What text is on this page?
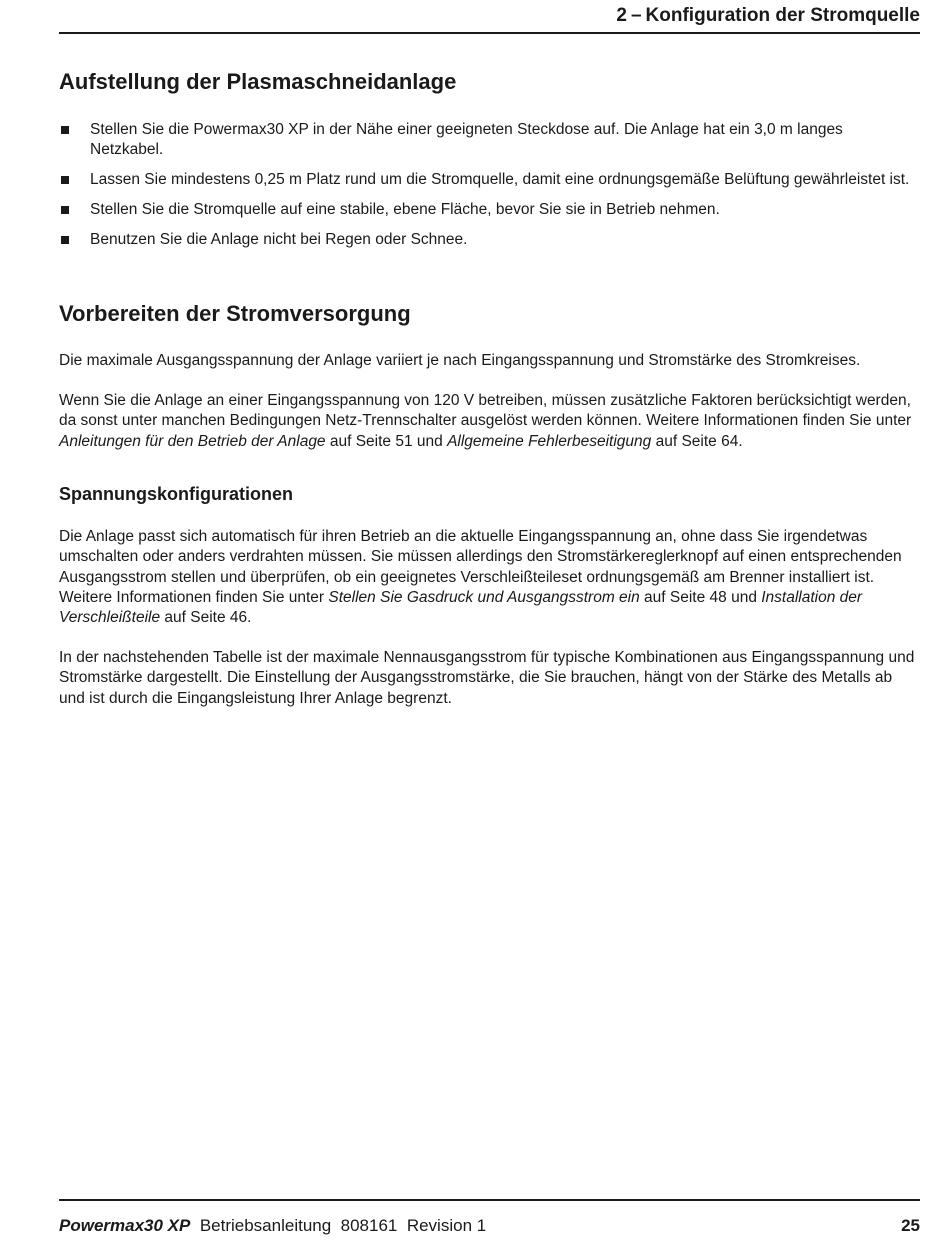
2 – Konfiguration der Stromquelle
Aufstellung der Plasmaschneidanlage
Stellen Sie die Powermax30 XP in der Nähe einer geeigneten Steckdose auf. Die Anlage hat ein 3,0 m langes Netzkabel.
Lassen Sie mindestens 0,25 m Platz rund um die Stromquelle, damit eine ordnungsgemäße Belüftung gewährleistet ist.
Stellen Sie die Stromquelle auf eine stabile, ebene Fläche, bevor Sie sie in Betrieb nehmen.
Benutzen Sie die Anlage nicht bei Regen oder Schnee.
Vorbereiten der Stromversorgung

Die maximale Ausgangsspannung der Anlage variiert je nach Eingangsspannung und Stromstärke des Stromkreises.

Wenn Sie die Anlage an einer Eingangsspannung von 120 V betreiben, müssen zusätzliche Faktoren berücksichtigt werden, da sonst unter manchen Bedingungen Netz-Trennschalter ausgelöst werden können. Weitere Informationen finden Sie unter Anleitungen für den Betrieb der Anlage auf Seite 51 und Allgemeine Fehlerbeseitigung auf Seite 64.

Spannungskonfigurationen

Die Anlage passt sich automatisch für ihren Betrieb an die aktuelle Eingangsspannung an, ohne dass Sie irgendetwas umschalten oder anders verdrahten müssen. Sie müssen allerdings den Stromstärkereglerknopf auf einen entsprechenden Ausgangsstrom stellen und überprüfen, ob ein geeignetes Verschleißteileset ordnungsgemäß am Brenner installiert ist. Weitere Informationen finden Sie unter Stellen Sie Gasdruck und Ausgangsstrom ein auf Seite 48 und Installation der Verschleißteile auf Seite 46.

In der nachstehenden Tabelle ist der maximale Nennausgangsstrom für typische Kombinationen aus Eingangsspannung und Stromstärke dargestellt. Die Einstellung der Ausgangsstromstärke, die Sie brauchen, hängt von der Stärke des Metalls ab und ist durch die Eingangsleistung Ihrer Anlage begrenzt.

Powermax30 XP Betriebsanleitung 808161 Revision 1	25
